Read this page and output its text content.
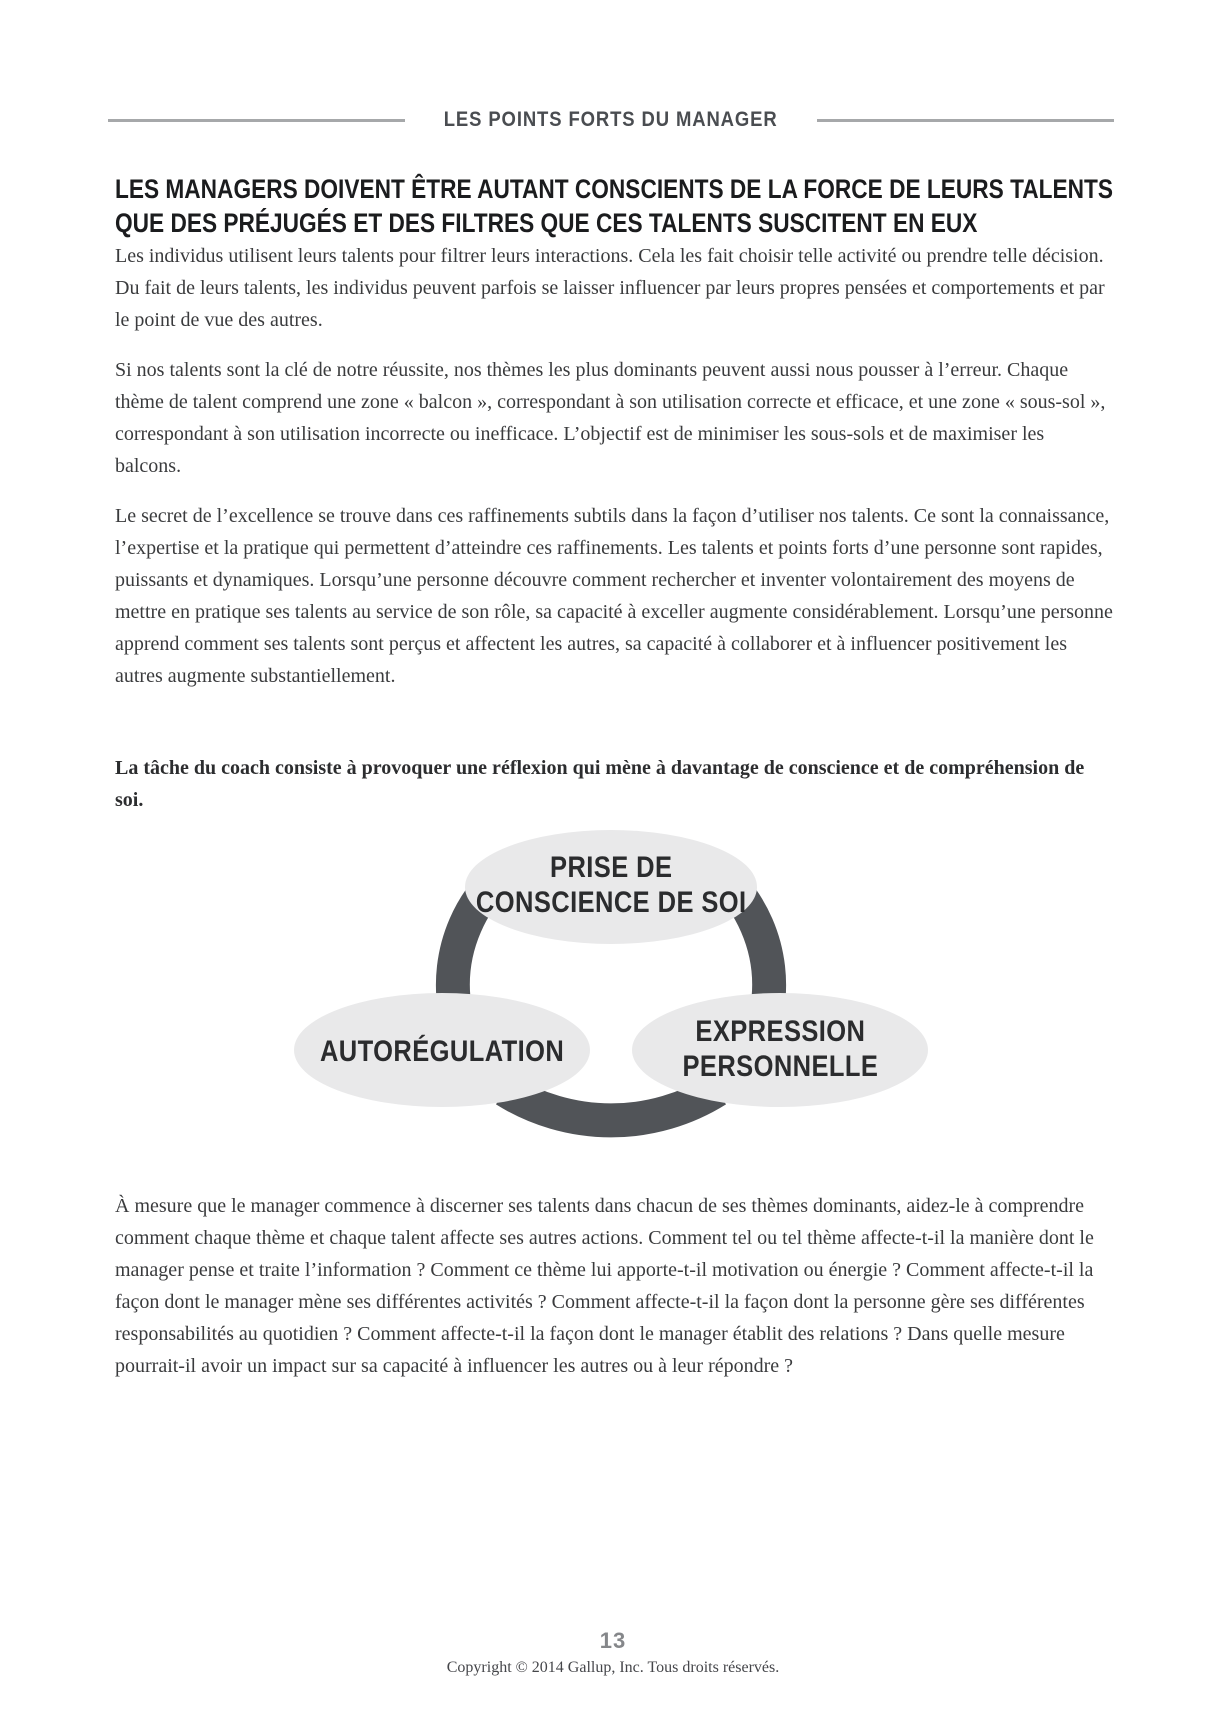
LES POINTS FORTS DU MANAGER
LES MANAGERS DOIVENT ÊTRE AUTANT CONSCIENTS DE LA FORCE DE LEURS TALENTS
QUE DES PRÉJUGÉS ET DES FILTRES QUE CES TALENTS SUSCITENT EN EUX

Les individus utilisent leurs talents pour filtrer leurs interactions. Cela les fait choisir telle activité ou prendre telle décision. Du fait de leurs talents, les individus peuvent parfois se laisser influencer par leurs propres pensées et comportements et par le point de vue des autres.

Si nos talents sont la clé de notre réussite, nos thèmes les plus dominants peuvent aussi nous pousser à l’erreur. Chaque thème de talent comprend une zone « balcon », correspondant à son utilisation correcte et efficace, et une zone « sous-sol », correspondant à son utilisation incorrecte ou inefficace. L’objectif est de minimiser les sous-sols et de maximiser les balcons.

Le secret de l’excellence se trouve dans ces raffinements subtils dans la façon d’utiliser nos talents. Ce sont la connaissance, l’expertise et la pratique qui permettent d’atteindre ces raffinements. Les talents et points forts d’une personne sont rapides, puissants et dynamiques. Lorsqu’une personne découvre comment rechercher et inventer volontairement des moyens de mettre en pratique ses talents au service de son rôle, sa capacité à exceller augmente considérablement. Lorsqu’une personne apprend comment ses talents sont perçus et affectent les autres, sa capacité à collaborer et à influencer positivement les autres augmente substantiellement.

La tâche du coach consiste à provoquer une réflexion qui mène à davantage de conscience et de compréhension de soi.

PRISE DE
CONSCIENCE DE SOI
AUTORÉGULATION
EXPRESSION
PERSONNELLE
À mesure que le manager commence à discerner ses talents dans chacun de ses thèmes dominants, aidez-le à comprendre comment chaque thème et chaque talent affecte ses autres actions. Comment tel ou tel thème affecte-t-il la manière dont le manager pense et traite l’information ? Comment ce thème lui apporte-t-il motivation ou énergie ? Comment affecte-t-il la façon dont le manager mène ses différentes activités ? Comment affecte-t-il la façon dont la personne gère ses différentes responsabilités au quotidien ? Comment affecte-t-il la façon dont le manager établit des relations ? Dans quelle mesure pourrait-il avoir un impact sur sa capacité à influencer les autres ou à leur répondre ?
13
Copyright © 2014 Gallup, Inc. Tous droits réservés.
